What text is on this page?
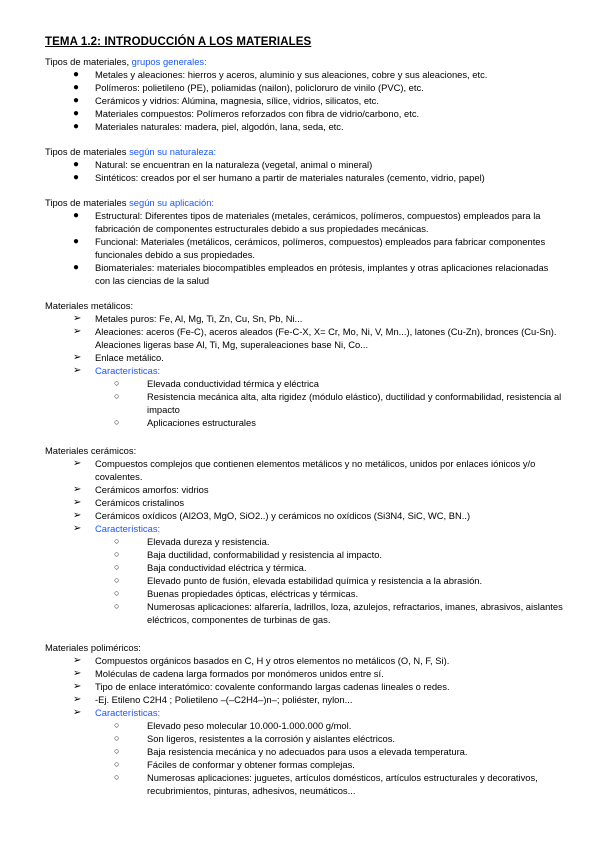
TEMA 1.2: INTRODUCCIÓN A LOS MATERIALES
Tipos de materiales, grupos generales:
● Metales y aleaciones: hierros y aceros, aluminio y sus aleaciones, cobre y sus aleaciones, etc.
● Polímeros: polietileno (PE), poliamidas (nailon), policloruro de vinilo (PVC), etc.
● Cerámicos y vidrios: Alúmina, magnesia, sílice, vidrios, silicatos, etc.
● Materiales compuestos: Polímeros reforzados con fibra de vidrio/carbono, etc.
● Materiales naturales: madera, piel, algodón, lana, seda, etc.
Tipos de materiales según su naturaleza:
● Natural: se encuentran en la naturaleza (vegetal, animal o mineral)
● Sintéticos: creados por el ser humano a partir de materiales naturales (cemento, vidrio, papel)
Tipos de materiales según su aplicación:
● Estructural: Diferentes tipos de materiales (metales, cerámicos, polímeros, compuestos) empleados para la fabricación de componentes estructurales debido a sus propiedades mecánicas.
● Funcional: Materiales (metálicos, cerámicos, polímeros, compuestos) empleados para fabricar componentes funcionales debido a sus propiedades.
● Biomateriales: materiales biocompatibles empleados en prótesis, implantes y otras aplicaciones relacionadas con las ciencias de la salud
Materiales metálicos:
➢ Metales puros: Fe, Al, Mg, Ti, Zn, Cu, Sn, Pb, Ni...
➢ Aleaciones: aceros (Fe-C), aceros aleados (Fe-C-X, X= Cr, Mo, Ni, V, Mn...), latones (Cu-Zn), bronces (Cu-Sn). Aleaciones ligeras base Al, Ti, Mg, superaleaciones base Ni, Co...
➢ Enlace metálico.
➢ Características:
○	Elevada conductividad térmica y eléctrica
○	Resistencia mecánica alta, alta rigidez (módulo elástico), ductilidad y conformabilidad, resistencia al impacto
○	Aplicaciones estructurales
Materiales cerámicos:
➢ Compuestos complejos que contienen elementos metálicos y no metálicos, unidos por enlaces iónicos y/o covalentes.
➢ Cerámicos amorfos: vidrios
➢ Cerámicos cristalinos
➢ Cerámicos oxídicos (Al2O3, MgO, SiO2..) y cerámicos no oxídicos (Si3N4, SiC, WC, BN..)
➢ Características:
○	Elevada dureza y resistencia.
○	Baja ductilidad, conformabilidad y resistencia al impacto.
○	Baja conductividad eléctrica y térmica.
○	Elevado punto de fusión, elevada estabilidad química y resistencia a la abrasión.
○	Buenas propiedades ópticas, eléctricas y térmicas.
○	Numerosas aplicaciones: alfarería, ladrillos, loza, azulejos, refractarios, imanes, abrasivos, aislantes eléctricos, componentes de turbinas de gas.
Materiales poliméricos:
➢ Compuestos orgánicos basados en C, H y otros elementos no metálicos (O, N, F, Si).
➢ Moléculas de cadena larga formados por monómeros unidos entre sí.
➢ Tipo de enlace interatómico: covalente conformando largas cadenas lineales o redes.
➢ -Ej. Etileno C2H4 ; Polietileno –(–C2H4–)n–; poliéster, nylon...
➢ Características:
○	Elevado peso molecular 10.000-1.000.000 g/mol.
○	Son ligeros, resistentes a la corrosión y aislantes eléctricos.
○	Baja resistencia mecánica y no adecuados para usos a elevada temperatura.
○	Fáciles de conformar y obtener formas complejas.
○	Numerosas aplicaciones: juguetes, artículos domésticos, artículos estructurales y decorativos, recubrimientos, pinturas, adhesivos, neumáticos...
